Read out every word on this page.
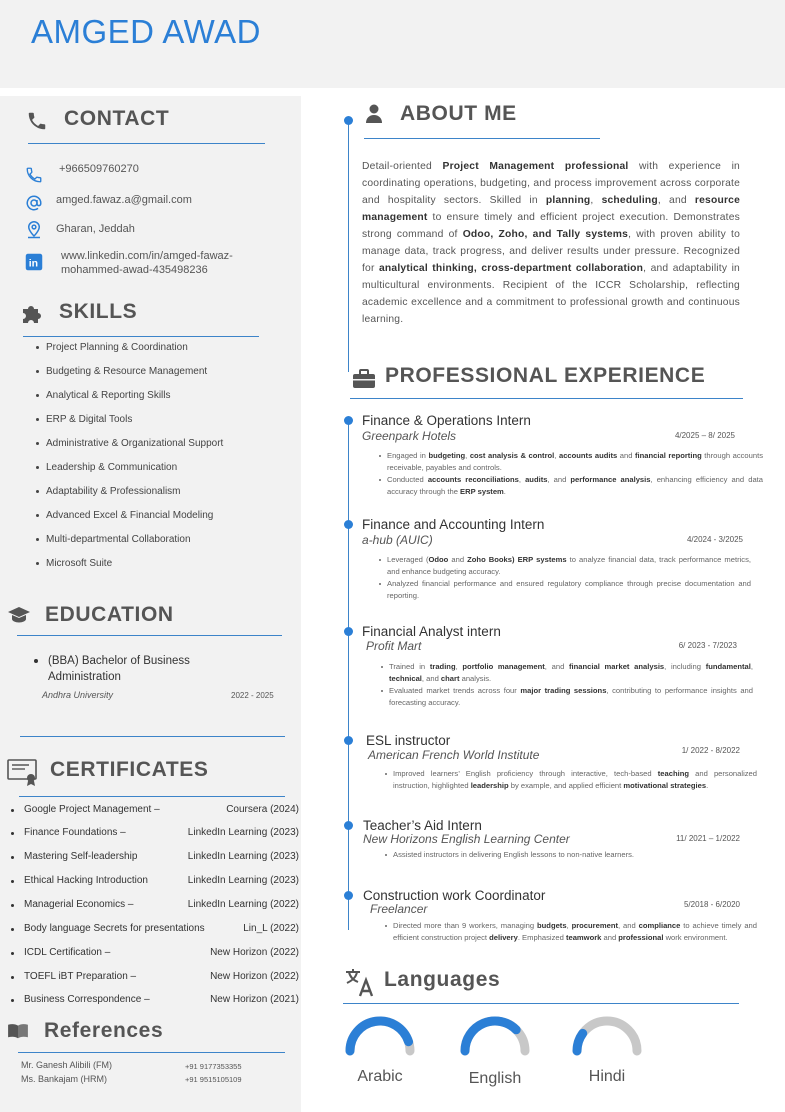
AMGED AWAD
CONTACT
+966509760270
amged.fawaz.a@gmail.com
Gharan, Jeddah
in
www.linkedin.com/in/amged-fawaz-
mohammed-awad-435498236
SKILLS
Project Planning & Coordination
Budgeting & Resource Management
Analytical & Reporting Skills
ERP & Digital Tools
Administrative & Organizational Support
Leadership & Communication
Adaptability & Professionalism
Advanced Excel & Financial Modeling
Multi-departmental Collaboration
Microsoft Suite
EDUCATION
(BBA) Bachelor of Business
Administration
Andhra University	2022 - 2025
CERTIFICATES
Google Project Management –	Coursera (2024)
Finance Foundations –	LinkedIn Learning (2023)
Mastering Self-leadership	LinkedIn Learning (2023)
Ethical Hacking Introduction	LinkedIn Learning (2023)
Managerial Economics –	LinkedIn Learning (2022)
Body language Secrets for presentations	Lin_L (2022)
ICDL Certification –	New Horizon (2022)
TOEFL iBT Preparation –	New Horizon (2022)
Business Correspondence –	New Horizon (2021)
References
Mr. Ganesh Alibili (FM)	+91 9177353355
Ms. Bankajam (HRM)	+91 9515105109
ABOUT ME

Detail-oriented Project Management professional with experience in coordinating operations, budgeting, and process improvement across corporate and hospitality sectors. Skilled in planning, scheduling, and resource management to ensure timely and efficient project execution. Demonstrates strong command of Odoo, Zoho, and Tally systems, with proven ability to manage data, track progress, and deliver results under pressure. Recognized for analytical thinking, cross-department collaboration, and adaptability in multicultural environments. Recipient of the ICCR Scholarship, reflecting academic excellence and a commitment to professional growth and continuous learning.

PROFESSIONAL EXPERIENCE
Finance & Operations Intern
Greenpark Hotels	4/2025 – 8/ 2025
Engaged in budgeting, cost analysis & control, accounts audits and financial reporting through accounts receivable, payables and controls.
Conducted accounts reconciliations, audits, and performance analysis, enhancing efficiency and data accuracy through the ERP system.
Finance and Accounting Intern
a-hub (AUIC)	4/2024 - 3/2025
Leveraged (Odoo and Zoho Books) ERP systems to analyze financial data, track performance metrics, and enhance budgeting accuracy.
Analyzed financial performance and ensured regulatory compliance through precise documentation and reporting.
Financial Analyst intern
Profit Mart	6/ 2023 - 7/2023
Trained in trading, portfolio management, and financial market analysis, including fundamental, technical, and chart analysis.
Evaluated market trends across four major trading sessions, contributing to performance insights and forecasting accuracy.
ESL instructor
American French World Institute	1/ 2022 - 8/2022
Improved learners’ English proficiency through interactive, tech-based teaching and personalized instruction, highlighted leadership by example, and applied efficient motivational strategies.
Teacher’s Aid Intern
New Horizons English Learning Center	11/ 2021 – 1/2022
Assisted instructors in delivering English lessons to non-native learners.
Construction work Coordinator
Freelancer	5/2018 - 6/2020
Directed more than 9 workers, managing budgets, procurement, and compliance to achieve timely and efficient construction project delivery. Emphasized teamwork and professional work environment.
Languages
Arabic	English	Hindi
